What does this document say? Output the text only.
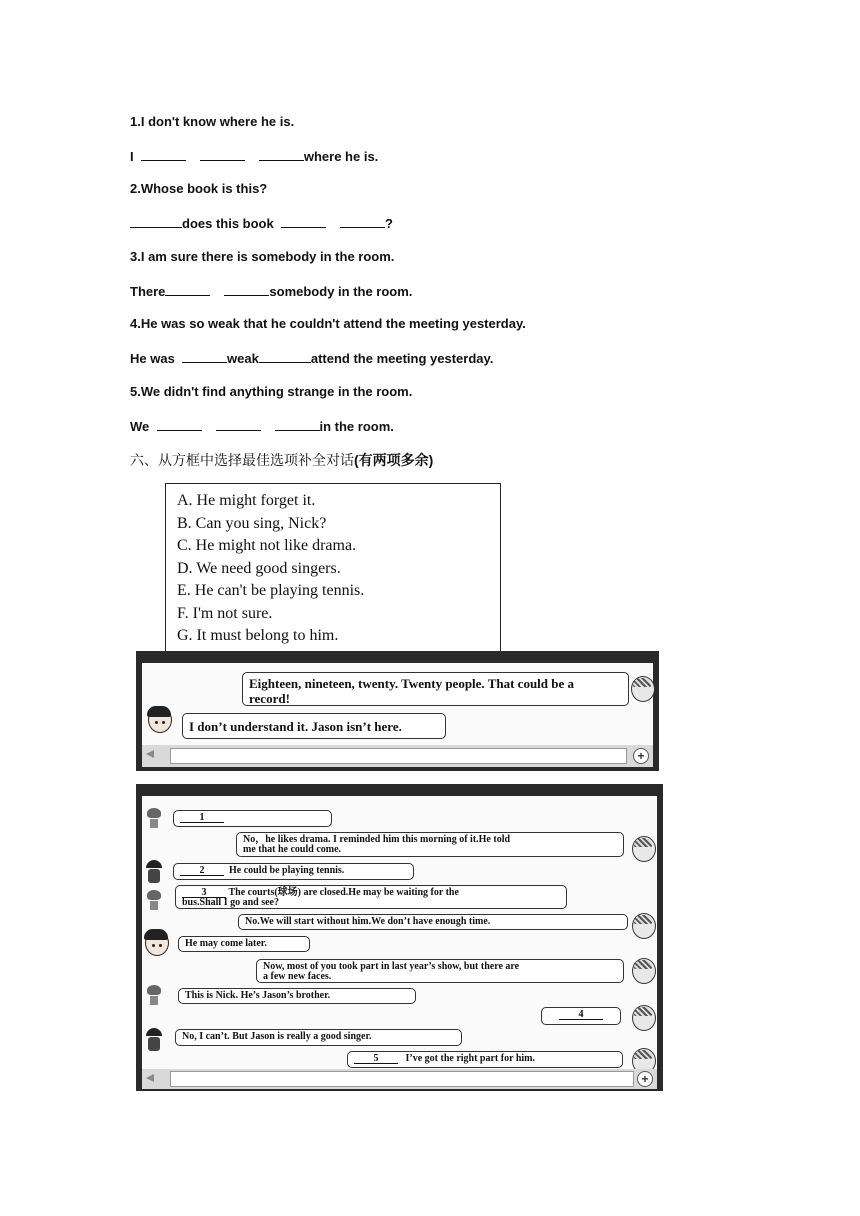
1.I don't know where he is.
I	where he is.
2.Whose book is this?
does this book	?
3.I am sure there is somebody in the room.
There	somebody in the room.
4.He was so weak that he couldn't attend the meeting yesterday.
He was	weak	attend the meeting yesterday.
5.We didn't find anything strange in the room.
We	in the room.
六、从方框中选择最佳选项补全对话(有两项多余)
A. He might forget it.
B. Can you sing, Nick?
C. He might not like drama.
D. We need good singers.
E. He can't be playing tennis.
F. I'm not sure.
G. It must belong to him.
Eighteen, nineteen, twenty. Twenty people. That could be a
record!
I don’t understand it. Jason isn’t here.
+
1
No，he likes drama. I reminded him this morning of it.He told
me that he could come.
2 He could be playing tennis.
3 The courts(球场) are closed.He may be waiting for the
bus.Shall I go and see?
No.We will start without him.We don’t have enough time.
He may come later.
Now, most of you took part in last year’s show, but there are
a few new faces.
This is Nick. He’s Jason’s brother.
4
No, I can’t. But Jason is really a good singer.
5	I’ve got the right part for him.
+
